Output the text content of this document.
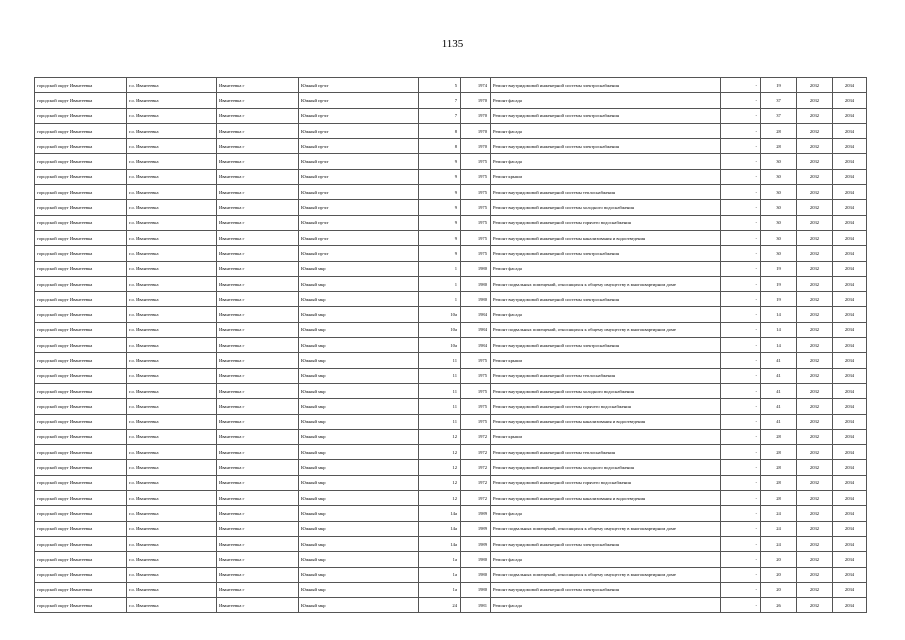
1135
городской округ Ивантеевка	г.о. Ивантеевка	Ивантеевка г	Южный пр-кт	5	1974	Ремонт внутридомовой инженерной системы электроснабжения	-	19	2032	2034
городской округ Ивантеевка	г.о. Ивантеевка	Ивантеевка г	Южный пр-кт	7	1970	Ремонт фасада	-	37	2032	2034
городской округ Ивантеевка	г.о. Ивантеевка	Ивантеевка г	Южный пр-кт	7	1970	Ремонт внутридомовой инженерной системы электроснабжения	-	37	2032	2034
городской округ Ивантеевка	г.о. Ивантеевка	Ивантеевка г	Южный пр-кт	8	1970	Ремонт фасада	-	28	2032	2034
городской округ Ивантеевка	г.о. Ивантеевка	Ивантеевка г	Южный пр-кт	8	1970	Ремонт внутридомовой инженерной системы электроснабжения	-	28	2032	2034
городской округ Ивантеевка	г.о. Ивантеевка	Ивантеевка г	Южный пр-кт	9	1975	Ремонт фасада	-	30	2032	2034
городской округ Ивантеевка	г.о. Ивантеевка	Ивантеевка г	Южный пр-кт	9	1975	Ремонт крыши	-	30	2032	2034
городской округ Ивантеевка	г.о. Ивантеевка	Ивантеевка г	Южный пр-кт	9	1975	Ремонт внутридомовой инженерной системы теплоснабжения	-	30	2032	2034
городской округ Ивантеевка	г.о. Ивантеевка	Ивантеевка г	Южный пр-кт	9	1975	Ремонт внутридомовой инженерной системы холодного водоснабжения	-	30	2032	2034
городской округ Ивантеевка	г.о. Ивантеевка	Ивантеевка г	Южный пр-кт	9	1975	Ремонт внутридомовой инженерной системы горячего водоснабжения	-	30	2032	2034
городской округ Ивантеевка	г.о. Ивантеевка	Ивантеевка г	Южный пр-кт	9	1975	Ремонт внутридомовой инженерной системы канализования и водоотведения	-	30	2032	2034
городской округ Ивантеевка	г.о. Ивантеевка	Ивантеевка г	Южный пр-кт	9	1975	Ремонт внутридомовой инженерной системы электроснабжения	-	30	2032	2034
городской округ Ивантеевка	г.о. Ивантеевка	Ивантеевка г	Южный мкр	1	1980	Ремонт фасада	-	19	2032	2034
городской округ Ивантеевка	г.о. Ивантеевка	Ивантеевка г	Южный мкр	1	1980	Ремонт подвальных помещений, относящихся к общему имуществу в многоквартирном доме	-	19	2032	2034
городской округ Ивантеевка	г.о. Ивантеевка	Ивантеевка г	Южный мкр	1	1980	Ремонт внутридомовой инженерной системы электроснабжения	-	19	2032	2034
городской округ Ивантеевка	г.о. Ивантеевка	Ивантеевка г	Южный мкр	10а	1984	Ремонт фасада	-	14	2032	2034
городской округ Ивантеевка	г.о. Ивантеевка	Ивантеевка г	Южный мкр	10а	1984	Ремонт подвальных помещений, относящихся к общему имуществу в многоквартирном доме	-	14	2032	2034
городской округ Ивантеевка	г.о. Ивантеевка	Ивантеевка г	Южный мкр	10а	1984	Ремонт внутридомовой инженерной системы электроснабжения	-	14	2032	2034
городской округ Ивантеевка	г.о. Ивантеевка	Ивантеевка г	Южный мкр	11	1975	Ремонт крыши	-	41	2032	2034
городской округ Ивантеевка	г.о. Ивантеевка	Ивантеевка г	Южный мкр	11	1975	Ремонт внутридомовой инженерной системы теплоснабжения	-	41	2032	2034
городской округ Ивантеевка	г.о. Ивантеевка	Ивантеевка г	Южный мкр	11	1975	Ремонт внутридомовой инженерной системы холодного водоснабжения	-	41	2032	2034
городской округ Ивантеевка	г.о. Ивантеевка	Ивантеевка г	Южный мкр	11	1975	Ремонт внутридомовой инженерной системы горячего водоснабжения	-	41	2032	2034
городской округ Ивантеевка	г.о. Ивантеевка	Ивантеевка г	Южный мкр	11	1975	Ремонт внутридомовой инженерной системы канализования и водоотведения	-	41	2032	2034
городской округ Ивантеевка	г.о. Ивантеевка	Ивантеевка г	Южный мкр	12	1972	Ремонт крыши	-	28	2032	2034
городской округ Ивантеевка	г.о. Ивантеевка	Ивантеевка г	Южный мкр	12	1972	Ремонт внутридомовой инженерной системы теплоснабжения	-	28	2032	2034
городской округ Ивантеевка	г.о. Ивантеевка	Ивантеевка г	Южный мкр	12	1972	Ремонт внутридомовой инженерной системы холодного водоснабжения	-	28	2032	2034
городской округ Ивантеевка	г.о. Ивантеевка	Ивантеевка г	Южный мкр	12	1972	Ремонт внутридомовой инженерной системы горячего водоснабжения	-	28	2032	2034
городской округ Ивантеевка	г.о. Ивантеевка	Ивантеевка г	Южный мкр	12	1972	Ремонт внутридомовой инженерной системы канализования и водоотведения	-	28	2032	2034
городской округ Ивантеевка	г.о. Ивантеевка	Ивантеевка г	Южный мкр	14а	1989	Ремонт фасада	-	24	2032	2034
городской округ Ивантеевка	г.о. Ивантеевка	Ивантеевка г	Южный мкр	14а	1989	Ремонт подвальных помещений, относящихся к общему имуществу в многоквартирном доме	-	24	2032	2034
городской округ Ивантеевка	г.о. Ивантеевка	Ивантеевка г	Южный мкр	14а	1989	Ремонт внутридомовой инженерной системы электроснабжения	-	24	2032	2034
городской округ Ивантеевка	г.о. Ивантеевка	Ивантеевка г	Южный мкр	1а	1980	Ремонт фасада	-	20	2032	2034
городской округ Ивантеевка	г.о. Ивантеевка	Ивантеевка г	Южный мкр	1а	1980	Ремонт подвальных помещений, относящихся к общему имуществу в многоквартирном доме	-	20	2032	2034
городской округ Ивантеевка	г.о. Ивантеевка	Ивантеевка г	Южный мкр	1а	1980	Ремонт внутридомовой инженерной системы электроснабжения	-	20	2032	2034
городской округ Ивантеевка	г.о. Ивантеевка	Ивантеевка г	Южный мкр	24	1981	Ремонт фасада	-	26	2032	2034
